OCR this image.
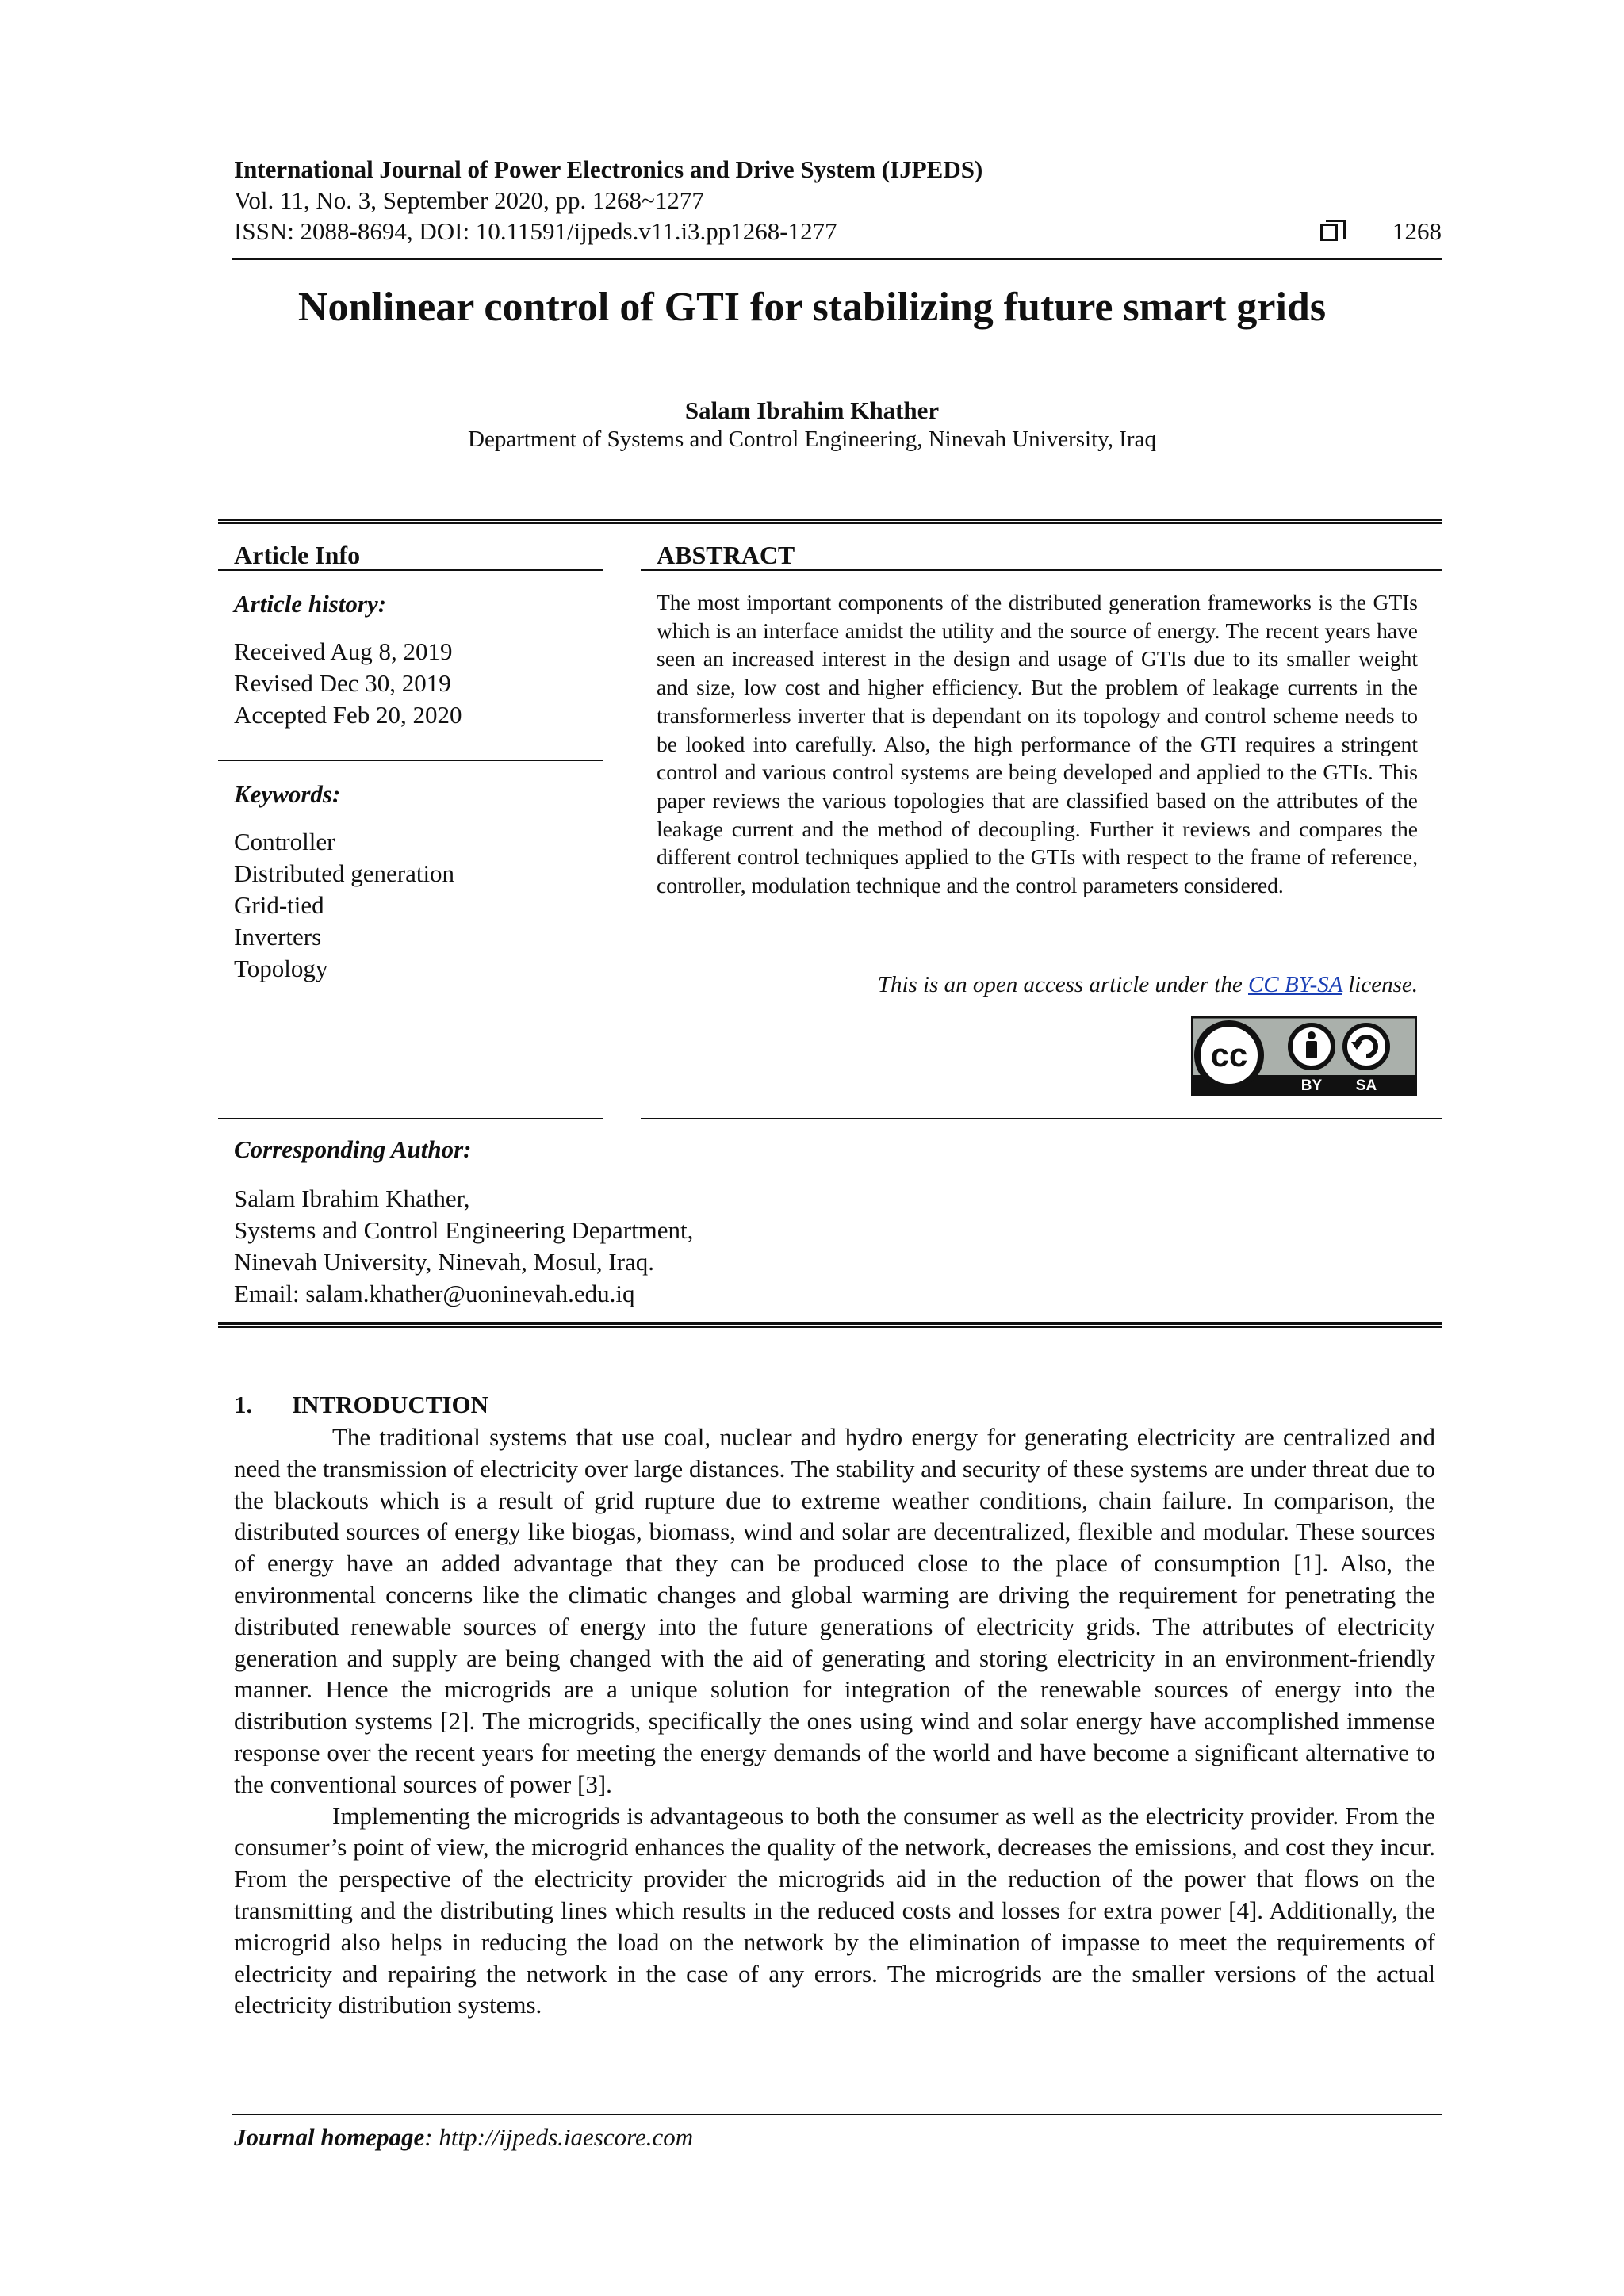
International Journal of Power Electronics and Drive System (IJPEDS)
Vol. 11, No. 3, September 2020, pp. 1268~1277
ISSN: 2088-8694, DOI: 10.11591/ijpeds.v11.i3.pp1268-1277	1268
Nonlinear control of GTI for stabilizing future smart grids
Salam Ibrahim Khather
Department of Systems and Control Engineering, Ninevah University, Iraq
Article Info	ABSTRACT
Article history:
Received Aug 8, 2019
Revised Dec 30, 2019
Accepted Feb 20, 2020
Keywords:
Controller
Distributed generation
Grid-tied
Inverters
Topology
The most important components of the distributed generation frameworks is the GTIs which is an interface amidst the utility and the source of energy. The recent years have seen an increased interest in the design and usage of GTIs due to its smaller weight and size, low cost and higher efficiency. But the problem of leakage currents in the transformerless inverter that is dependant on its topology and control scheme needs to be looked into carefully. Also, the high performance of the GTI requires a stringent control and various control systems are being developed and applied to the GTIs. This paper reviews the various topologies that are classified based on the attributes of the leakage current and the method of decoupling. Further it reviews and compares the different control techniques applied to the GTIs with respect to the frame of reference, controller, modulation technique and the control parameters considered.
This is an open access article under the CC BY-SA license.
cc
BY SA
Corresponding Author:
Salam Ibrahim Khather,
Systems and Control Engineering Department,
Ninevah University, Ninevah, Mosul, Iraq.
Email: salam.khather@uoninevah.edu.iq
1. INTRODUCTION

The traditional systems that use coal, nuclear and hydro energy for generating electricity are centralized and need the transmission of electricity over large distances. The stability and security of these systems are under threat due to the blackouts which is a result of grid rupture due to extreme weather conditions, chain failure. In comparison, the distributed sources of energy like biogas, biomass, wind and solar are decentralized, flexible and modular. These sources of energy have an added advantage that they can be produced close to the place of consumption [1]. Also, the environmental concerns like the climatic changes and global warming are driving the requirement for penetrating the distributed renewable sources of energy into the future generations of electricity grids. The attributes of electricity generation and supply are being changed with the aid of generating and storing electricity in an environment-friendly manner. Hence the microgrids are a unique solution for integration of the renewable sources of energy into the distribution systems [2]. The microgrids, specifically the ones using wind and solar energy have accomplished immense response over the recent years for meeting the energy demands of the world and have become a significant alternative to the conventional sources of power [3].

Implementing the microgrids is advantageous to both the consumer as well as the electricity provider. From the consumer’s point of view, the microgrid enhances the quality of the network, decreases the emissions, and cost they incur. From the perspective of the electricity provider the microgrids aid in the reduction of the power that flows on the transmitting and the distributing lines which results in the reduced costs and losses for extra power [4]. Additionally, the microgrid also helps in reducing the load on the network by the elimination of impasse to meet the requirements of electricity and repairing the network in the case of any errors. The microgrids are the smaller versions of the actual electricity distribution systems.

Journal homepage: http://ijpeds.iaescore.com
